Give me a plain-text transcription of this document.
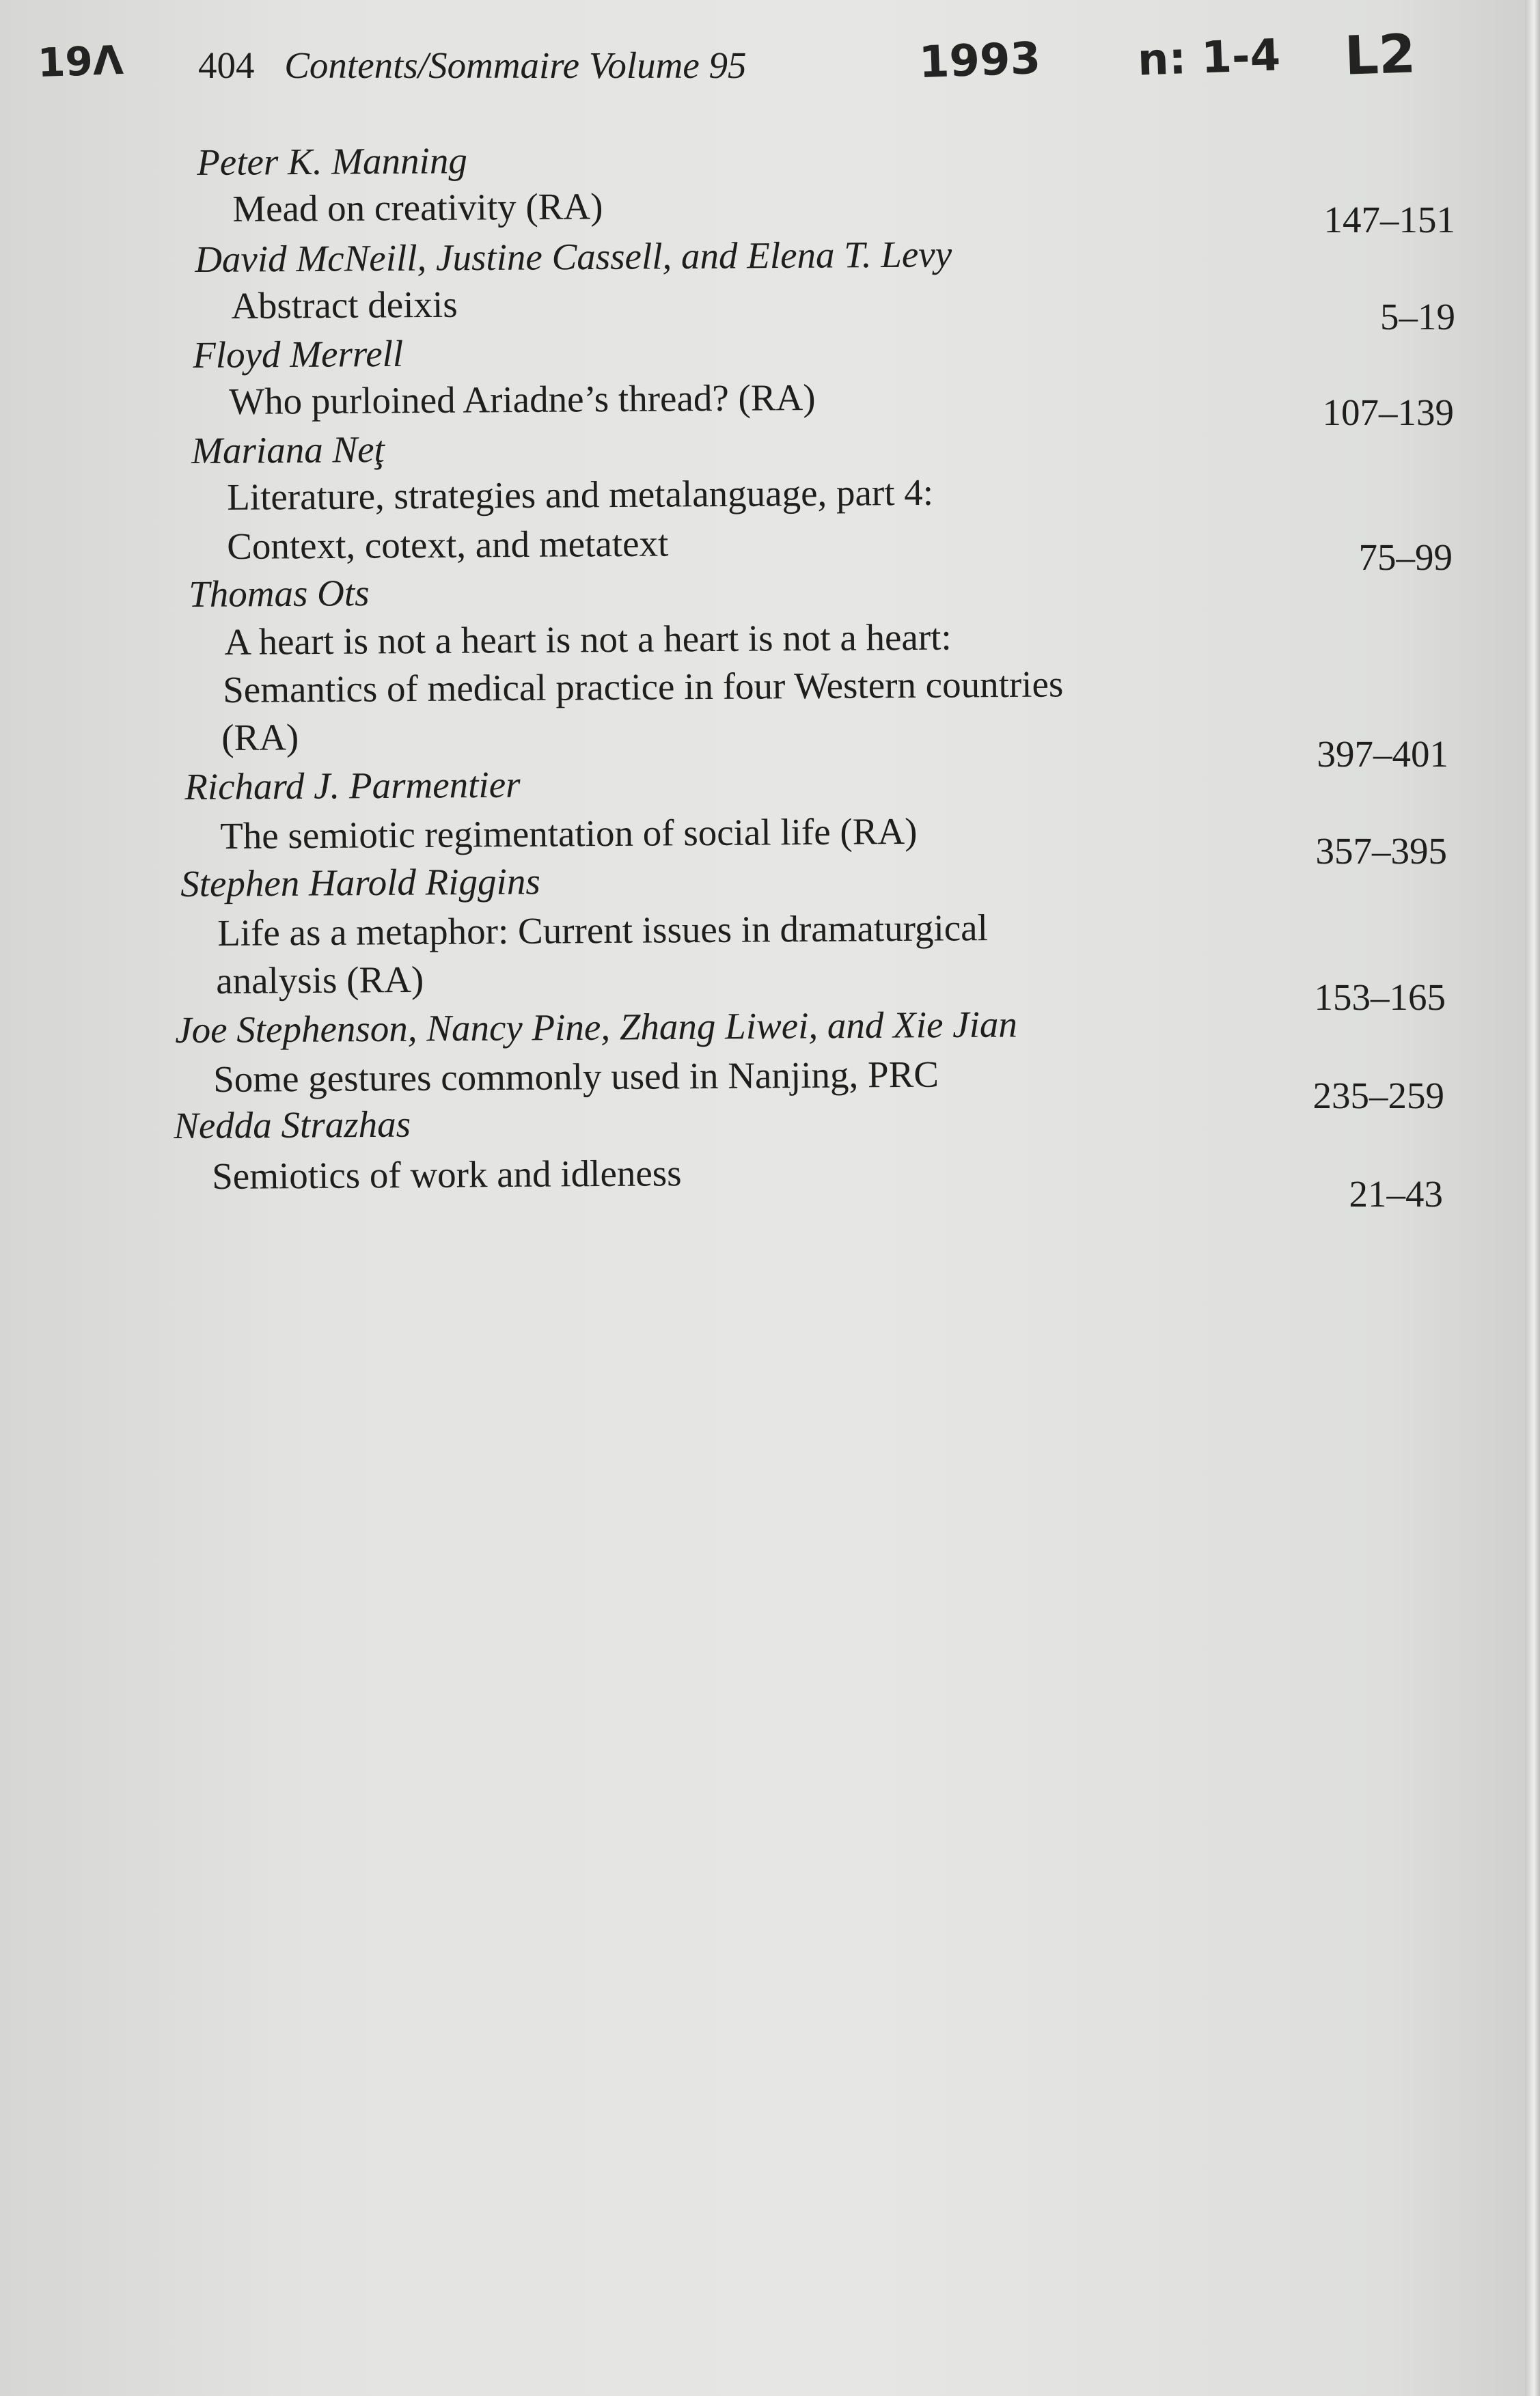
19Λ	1993 n: 1-4 L2
404 Contents/Sommaire Volume 95
Peter K. Manning
Mead on creativity (RA)	147–151
David McNeill, Justine Cassell, and Elena T. Levy
Abstract deixis	5–19
Floyd Merrell
Who purloined Ariadne’s thread? (RA)	107–139
Mariana Neţ
Literature, strategies and metalanguage, part 4:
Context, cotext, and metatext	75–99
Thomas Ots
A heart is not a heart is not a heart is not a heart:
Semantics of medical practice in four Western countries
(RA)	397–401
Richard J. Parmentier
The semiotic regimentation of social life (RA)	357–395
Stephen Harold Riggins
Life as a metaphor: Current issues in dramaturgical
analysis (RA)	153–165
Joe Stephenson, Nancy Pine, Zhang Liwei, and Xie Jian
Some gestures commonly used in Nanjing, PRC	235–259
Nedda Strazhas
Semiotics of work and idleness	21–43
